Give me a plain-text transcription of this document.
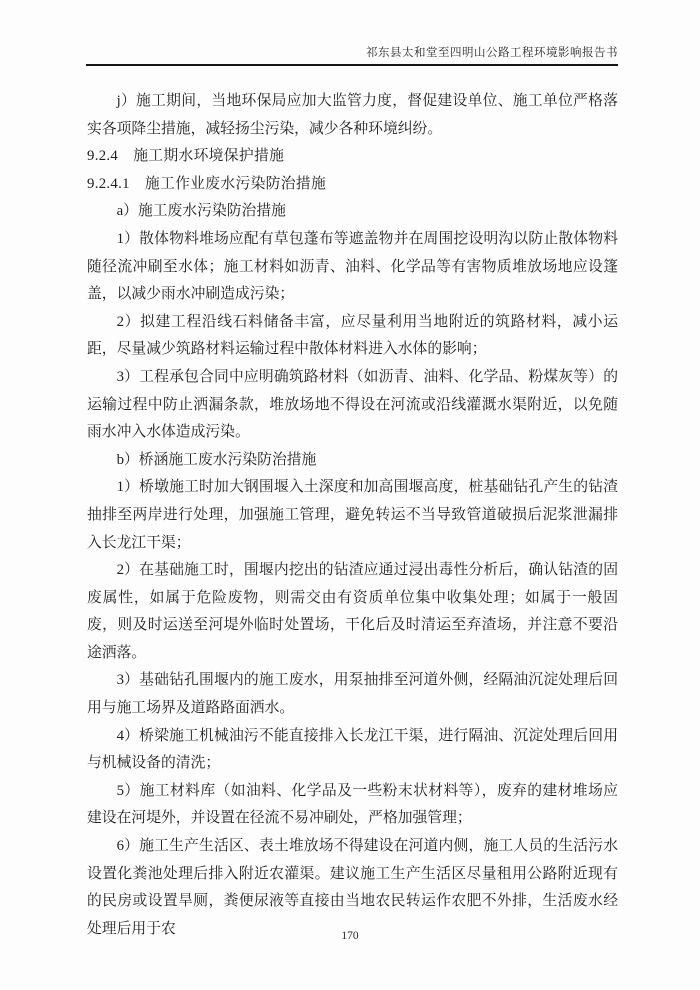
祁东县太和堂至四明山公路工程环境影响报告书

j）施工期间，当地环保局应加大监管力度，督促建设单位、施工单位严格落实各项降尘措施，减轻扬尘污染，减少各种环境纠纷。

9.2.4　施工期水环境保护措施

9.2.4.1　施工作业废水污染防治措施

a）施工废水污染防治措施

1）散体物料堆场应配有草包蓬布等遮盖物并在周围挖设明沟以防止散体物料随径流冲刷至水体；施工材料如沥青、油料、化学品等有害物质堆放场地应设篷盖，以减少雨水冲刷造成污染；

2）拟建工程沿线石料储备丰富，应尽量利用当地附近的筑路材料，减小运距，尽量减少筑路材料运输过程中散体材料进入水体的影响；

3）工程承包合同中应明确筑路材料（如沥青、油料、化学品、粉煤灰等）的运输过程中防止洒漏条款，堆放场地不得设在河流或沿线灌溉水渠附近，以免随雨水冲入水体造成污染。

b）桥涵施工废水污染防治措施

1）桥墩施工时加大钢围堰入土深度和加高围堰高度，桩基础钻孔产生的钻渣抽排至两岸进行处理，加强施工管理，避免转运不当导致管道破损后泥浆泄漏排入长龙江干渠；

2）在基础施工时，围堰内挖出的钻渣应通过浸出毒性分析后，确认钻渣的固废属性，如属于危险废物，则需交由有资质单位集中收集处理；如属于一般固废，则及时运送至河堤外临时处置场，干化后及时清运至弃渣场，并注意不要沿途洒落。

3）基础钻孔围堰内的施工废水，用泵抽排至河道外侧，经隔油沉淀处理后回用与施工场界及道路路面洒水。

4）桥梁施工机械油污不能直接排入长龙江干渠，进行隔油、沉淀处理后回用与机械设备的清洗；

5）施工材料库（如油料、化学品及一些粉末状材料等），废弃的建材堆场应建设在河堤外，并设置在径流不易冲刷处，严格加强管理；

6）施工生产生活区、表土堆放场不得建设在河道内侧，施工人员的生活污水设置化粪池处理后排入附近农灌渠。建议施工生产生活区尽量租用公路附近现有的民房或设置旱厕，粪便尿液等直接由当地农民转运作农肥不外排，生活废水经处理后用于农	170
